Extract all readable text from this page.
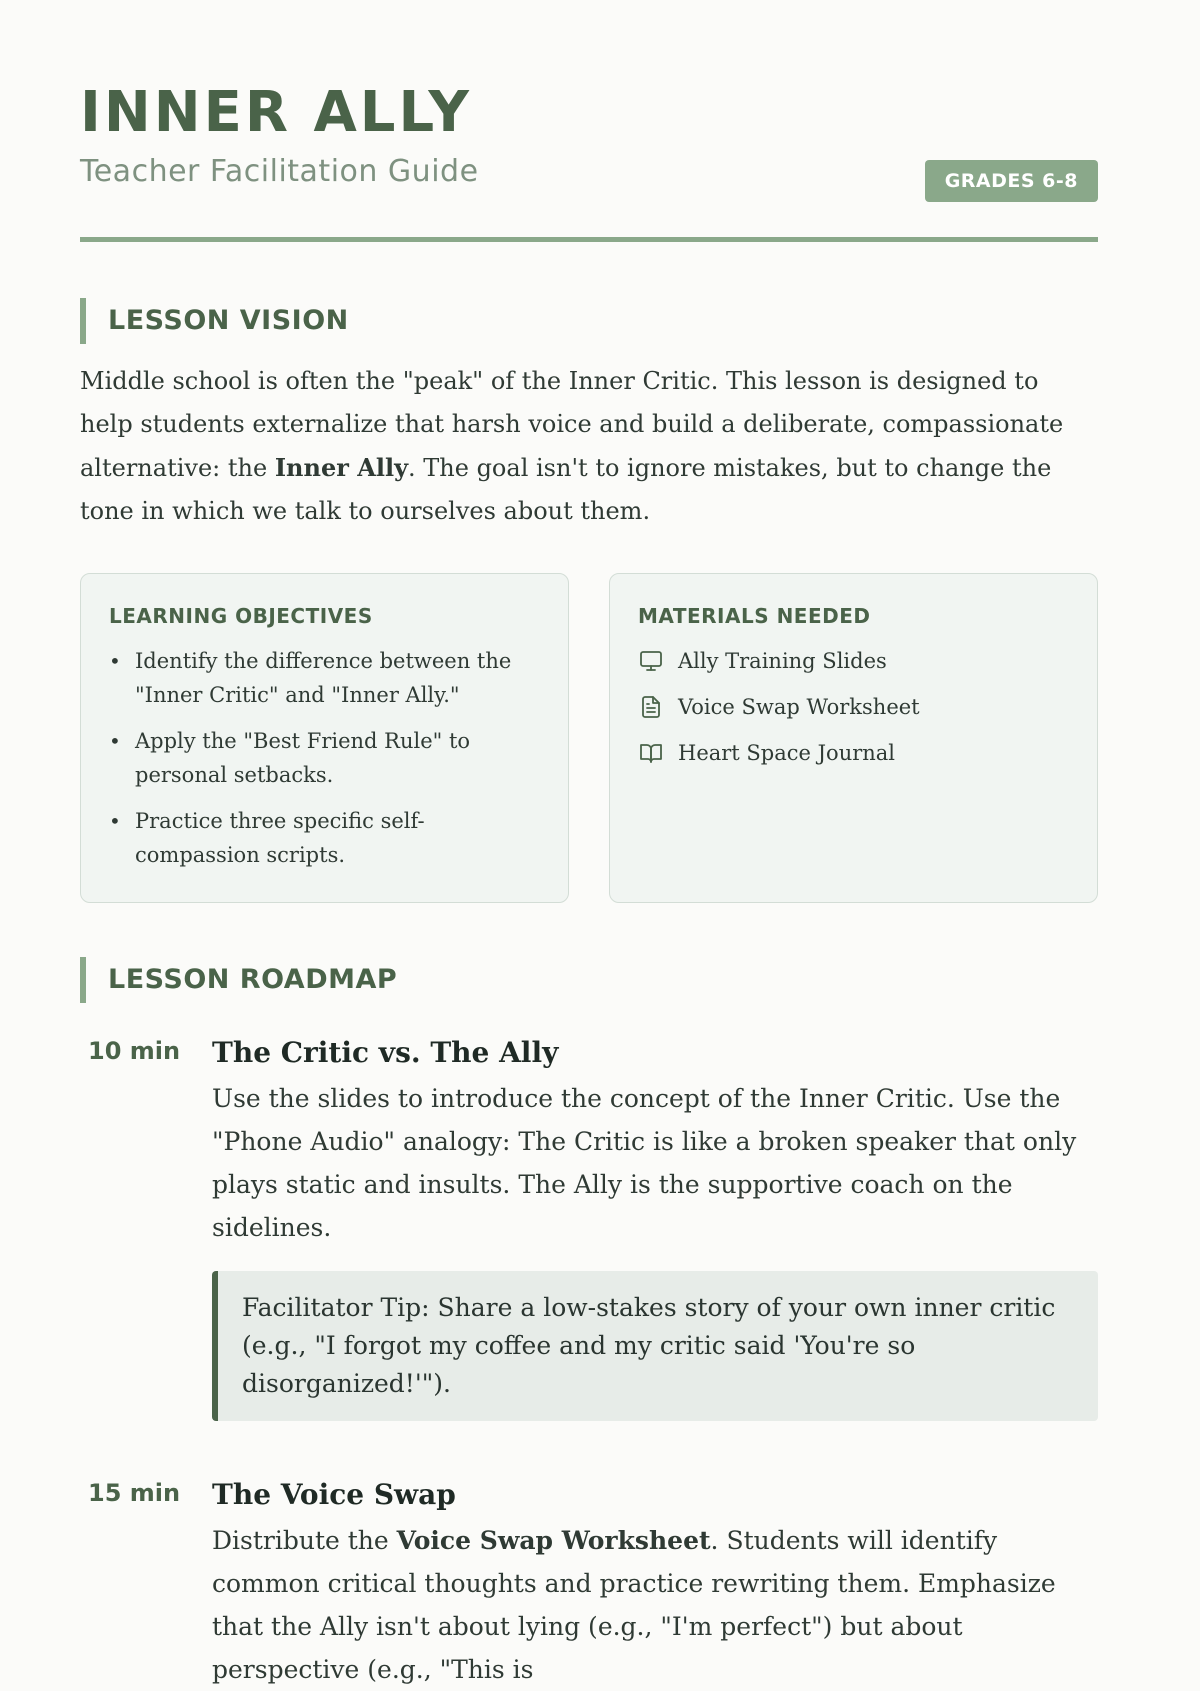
INNER ALLY
Teacher Facilitation Guide	GRADES 6-8
LESSON VISION

Middle school is often the "peak" of the Inner Critic. This lesson is designed to help students externalize that harsh voice and build a deliberate, compassionate alternative: the Inner Ally. The goal isn't to ignore mistakes, but to change the tone in which we talk to ourselves about them.

LEARNING OBJECTIVES
• Identify the difference between the "Inner Critic" and "Inner Ally."
• Apply the "Best Friend Rule" to personal setbacks.
• Practice three specific self-compassion scripts.
MATERIALS NEEDED
Ally Training Slides
Voice Swap Worksheet
Heart Space Journal
LESSON ROADMAP
10 min	The Critic vs. The Ally

Use the slides to introduce the concept of the Inner Critic. Use the "Phone Audio" analogy: The Critic is like a broken speaker that only plays static and insults. The Ally is the supportive coach on the sidelines.

Facilitator Tip: Share a low-stakes story of your own inner critic (e.g., "I forgot my coffee and my critic said 'You're so disorganized!'").
15 min	The Voice Swap

Distribute the Voice Swap Worksheet. Students will identify common critical thoughts and practice rewriting them. Emphasize that the Ally isn't about lying (e.g., "I'm perfect") but about perspective (e.g., "This is
